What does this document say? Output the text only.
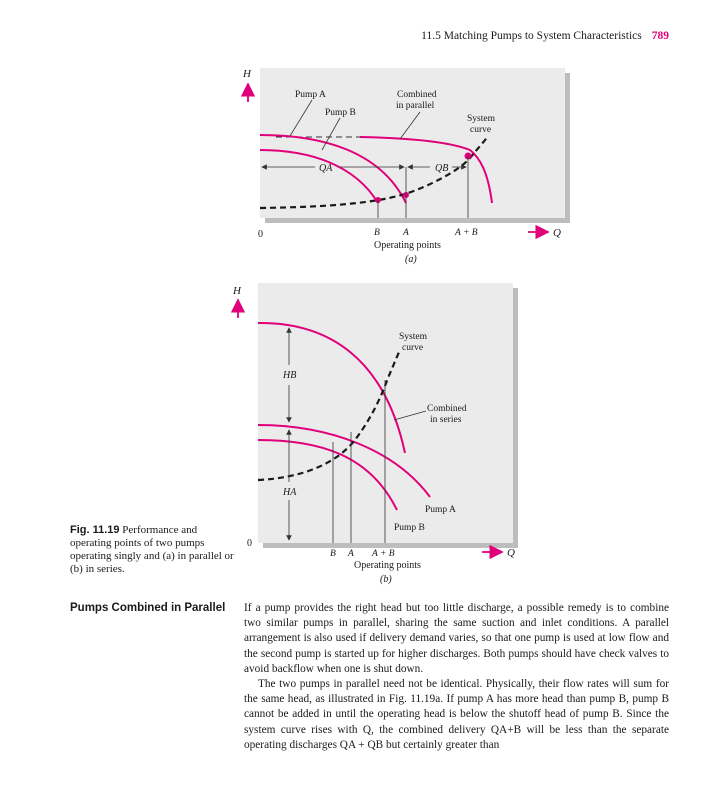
11.5 Matching Pumps to System Characteristics 789
H
QA	QB
Pump A
Pump B
Combined
in parallel
System
curve
0	B A	A + B	Q
Operating points
(a)
H
HB
HA
System
curve
Combined
in series
Pump A
Pump B
0
B A A + B	Q
Operating points
(b)
Fig. 11.19 Performance and operating points of two pumps operating singly and (a) in parallel or (b) in series.
Pumps Combined in Parallel If a pump provides the right head but too little discharge, a possible remedy is to combine two similar pumps in parallel, sharing the same suction and inlet conditions. A parallel arrangement is also used if delivery demand varies, so that one pump is used at low flow and the second pump is started up for higher discharges. Both pumps should have check valves to avoid backflow when one is shut down.

The two pumps in parallel need not be identical. Physically, their flow rates will sum for the same head, as illustrated in Fig. 11.19a. If pump A has more head than pump B, pump B cannot be added in until the operating head is below the shutoff head of pump B. Since the system curve rises with Q, the combined delivery QA+B will be less than the separate operating discharges QA + QB but certainly greater than
